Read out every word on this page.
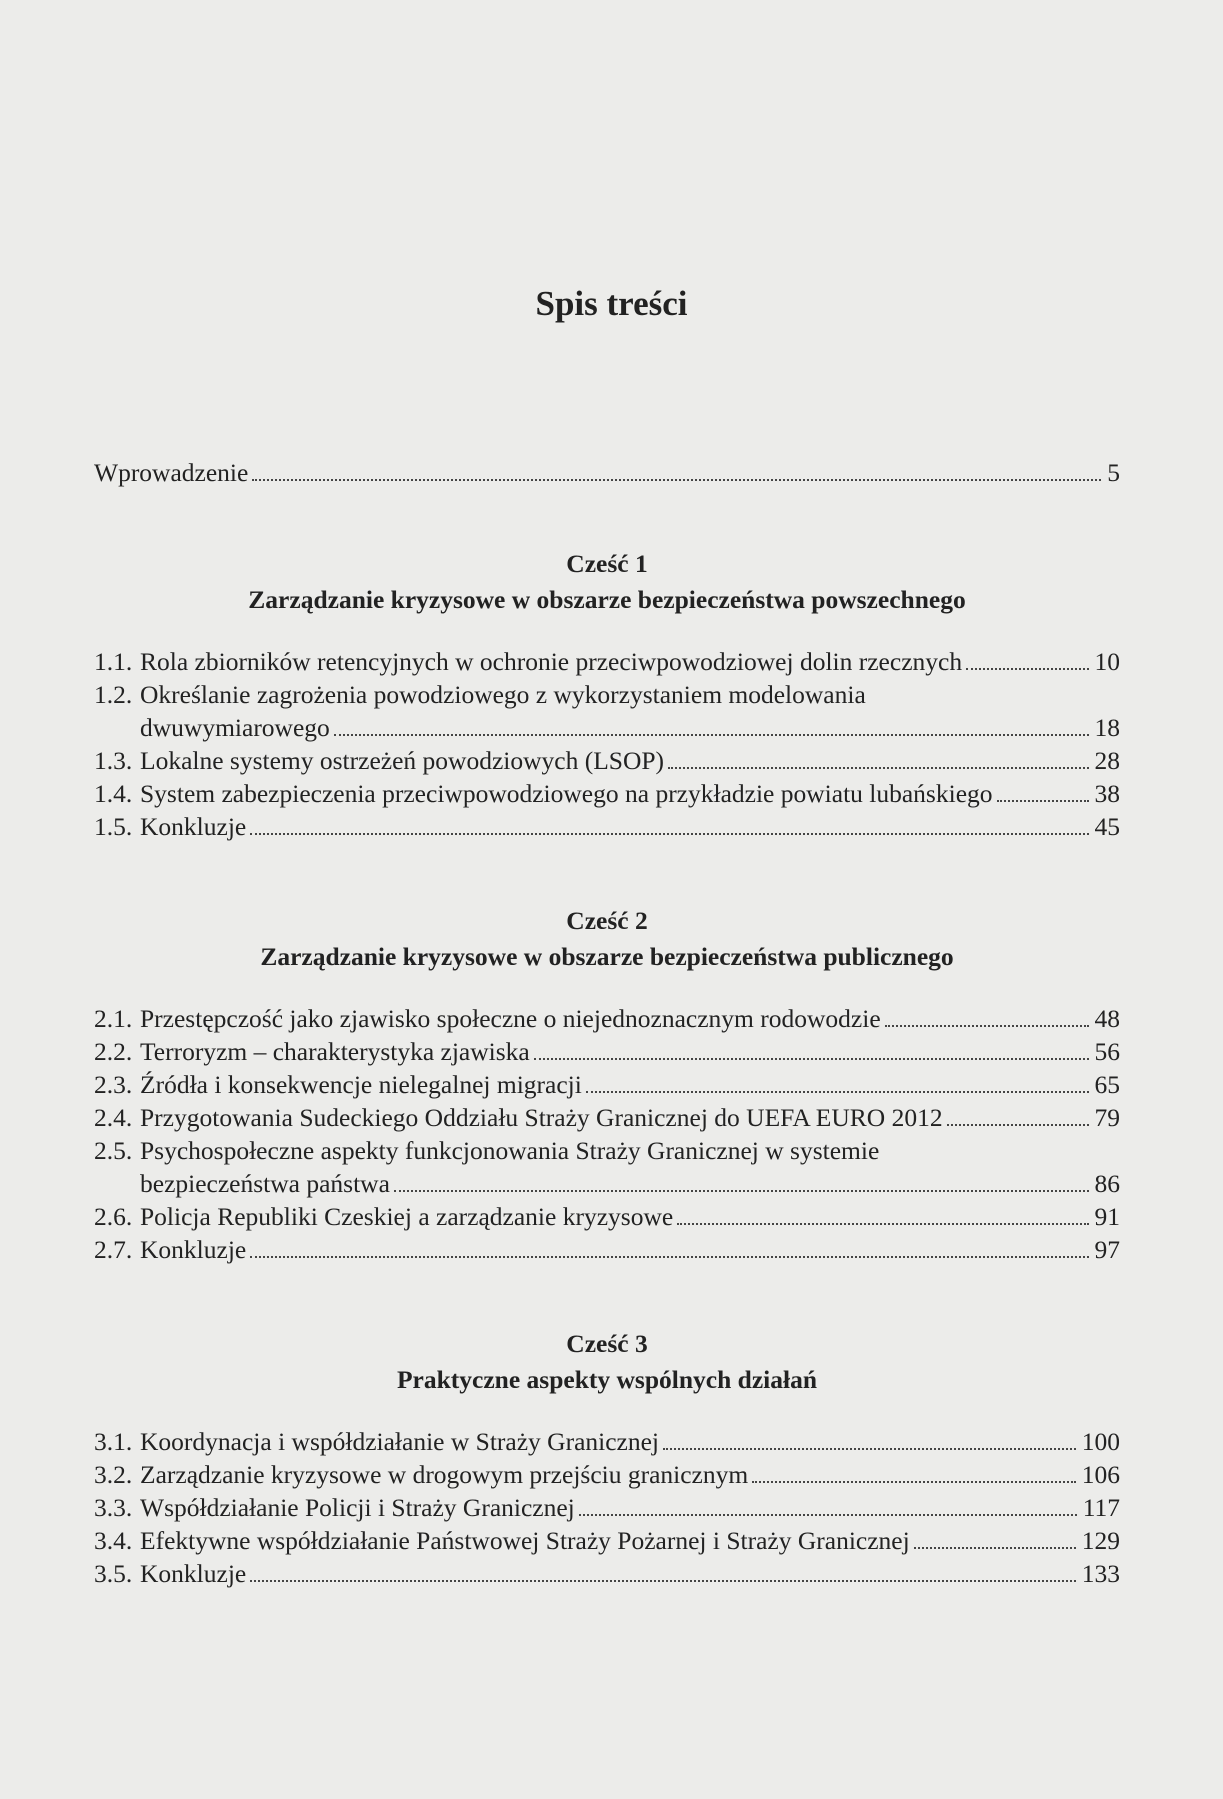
Spis treści
Wprowadzenie	5
Cześć 1
Zarządzanie kryzysowe w obszarze bezpieczeństwa powszechnego
1.1. Rola zbiorników retencyjnych w ochronie przeciwpowodziowej dolin rzecznych	10
1.2. Określanie zagrożenia powodziowego z wykorzystaniem modelowania
dwuwymiarowego	18
1.3. Lokalne systemy ostrzeżeń powodziowych (LSOP)	28
1.4. System zabezpieczenia przeciwpowodziowego na przykładzie powiatu lubańskiego	38
1.5. Konkluzje	45
Cześć 2
Zarządzanie kryzysowe w obszarze bezpieczeństwa publicznego
2.1. Przestępczość jako zjawisko społeczne o niejednoznacznym rodowodzie	48
2.2. Terroryzm – charakterystyka zjawiska	56
2.3. Źródła i konsekwencje nielegalnej migracji	65
2.4. Przygotowania Sudeckiego Oddziału Straży Granicznej do UEFA EURO 2012	79
2.5. Psychospołeczne aspekty funkcjonowania Straży Granicznej w systemie
bezpieczeństwa państwa	86
2.6. Policja Republiki Czeskiej a zarządzanie kryzysowe	91
2.7. Konkluzje	97
Cześć 3
Praktyczne aspekty wspólnych działań
3.1. Koordynacja i współdziałanie w Straży Granicznej	100
3.2. Zarządzanie kryzysowe w drogowym przejściu granicznym	106
3.3. Współdziałanie Policji i Straży Granicznej	117
3.4. Efektywne współdziałanie Państwowej Straży Pożarnej i Straży Granicznej	129
3.5. Konkluzje	133
